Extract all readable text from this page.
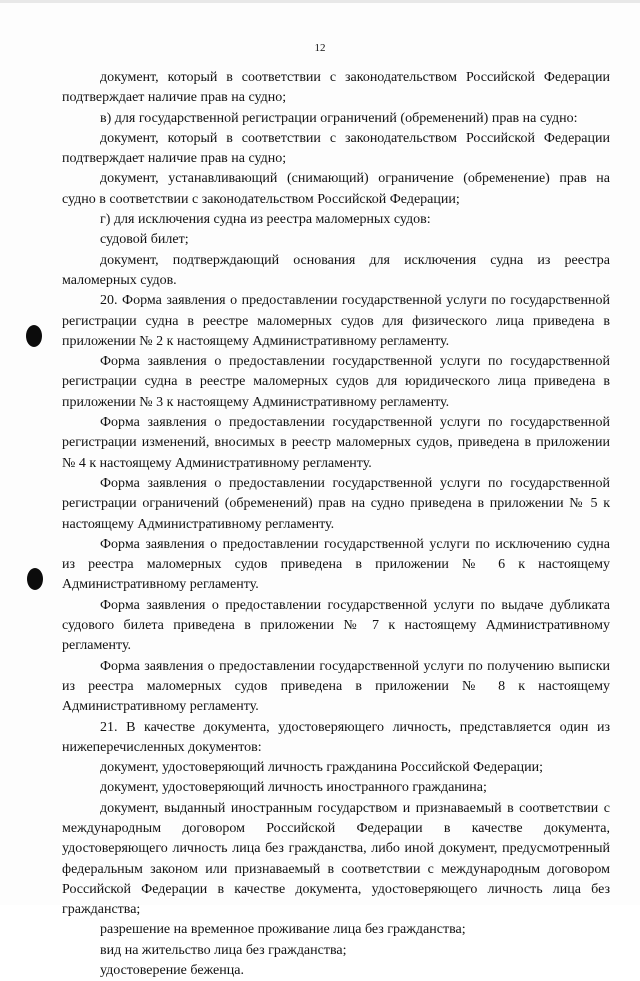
12

документ, который в соответствии с законодательством Российской Федерации подтверждает наличие прав на судно;

в) для государственной регистрации ограничений (обременений) прав на судно:

документ, который в соответствии с законодательством Российской Федерации подтверждает наличие прав на судно;

документ, устанавливающий (снимающий) ограничение (обременение) прав на судно в соответствии с законодательством Российской Федерации;

г) для исключения судна из реестра маломерных судов:

судовой билет;

документ, подтверждающий основания для исключения судна из реестра маломерных судов.

20. Форма заявления о предоставлении государственной услуги по государственной регистрации судна в реестре маломерных судов для физического лица приведена в приложении № 2 к настоящему Административному регламенту.

Форма заявления о предоставлении государственной услуги по государственной регистрации судна в реестре маломерных судов для юридического лица приведена в приложении № 3 к настоящему Административному регламенту.

Форма заявления о предоставлении государственной услуги по государственной регистрации изменений, вносимых в реестр маломерных судов, приведена в приложении № 4 к настоящему Административному регламенту.

Форма заявления о предоставлении государственной услуги по государственной регистрации ограничений (обременений) прав на судно приведена в приложении № 5 к настоящему Административному регламенту.

Форма заявления о предоставлении государственной услуги по исключению судна из реестра маломерных судов приведена в приложении № 6 к настоящему Административному регламенту.

Форма заявления о предоставлении государственной услуги по выдаче дубликата судового билета приведена в приложении № 7 к настоящему Административному регламенту.

Форма заявления о предоставлении государственной услуги по получению выписки из реестра маломерных судов приведена в приложении № 8 к настоящему Административному регламенту.

21. В качестве документа, удостоверяющего личность, представляется один из нижеперечисленных документов:

документ, удостоверяющий личность гражданина Российской Федерации;

документ, удостоверяющий личность иностранного гражданина;

документ, выданный иностранным государством и признаваемый в соответствии с международным договором Российской Федерации в качестве документа, удостоверяющего личность лица без гражданства, либо иной документ, предусмотренный федеральным законом или признаваемый в соответствии с международным договором Российской Федерации в качестве документа, удостоверяющего личность лица без гражданства;

разрешение на временное проживание лица без гражданства;

вид на жительство лица без гражданства;

удостоверение беженца.
